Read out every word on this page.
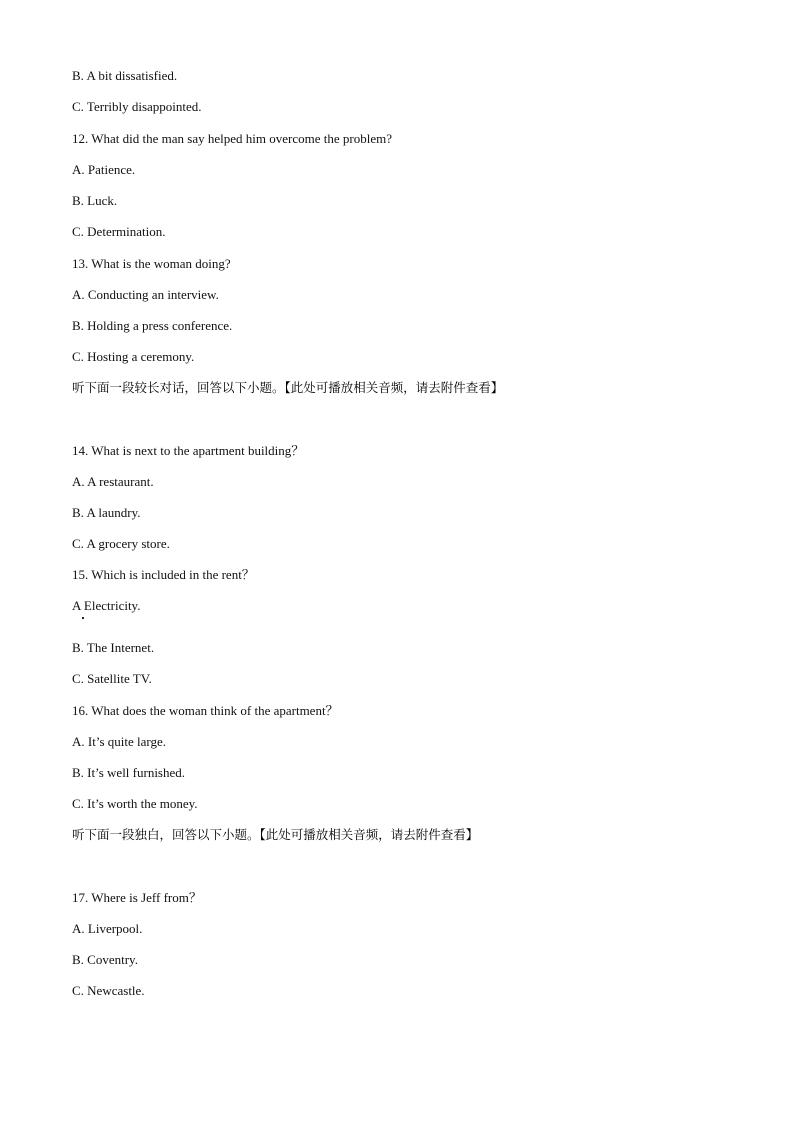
B. A bit dissatisfied.
C. Terribly disappointed.
12. What did the man say helped him overcome the problem?
A. Patience.
B. Luck.
C. Determination.
13. What is the woman doing?
A. Conducting an interview.
B. Holding a press conference.
C. Hosting a ceremony.
听下面一段较长对话，回答以下小题。【此处可播放相关音频，请去附件查看】
14. What is next to the apartment building？
A. A restaurant.
B. A laundry.
C. A grocery store.
15. Which is included in the rent？
A Electricity.
B. The Internet.
C. Satellite TV.
16. What does the woman think of the apartment？
A. It’s quite large.
B. It’s well furnished.
C. It’s worth the money.
听下面一段独白，回答以下小题。【此处可播放相关音频，请去附件查看】
17. Where is Jeff from？
A. Liverpool.
B. Coventry.
C. Newcastle.
